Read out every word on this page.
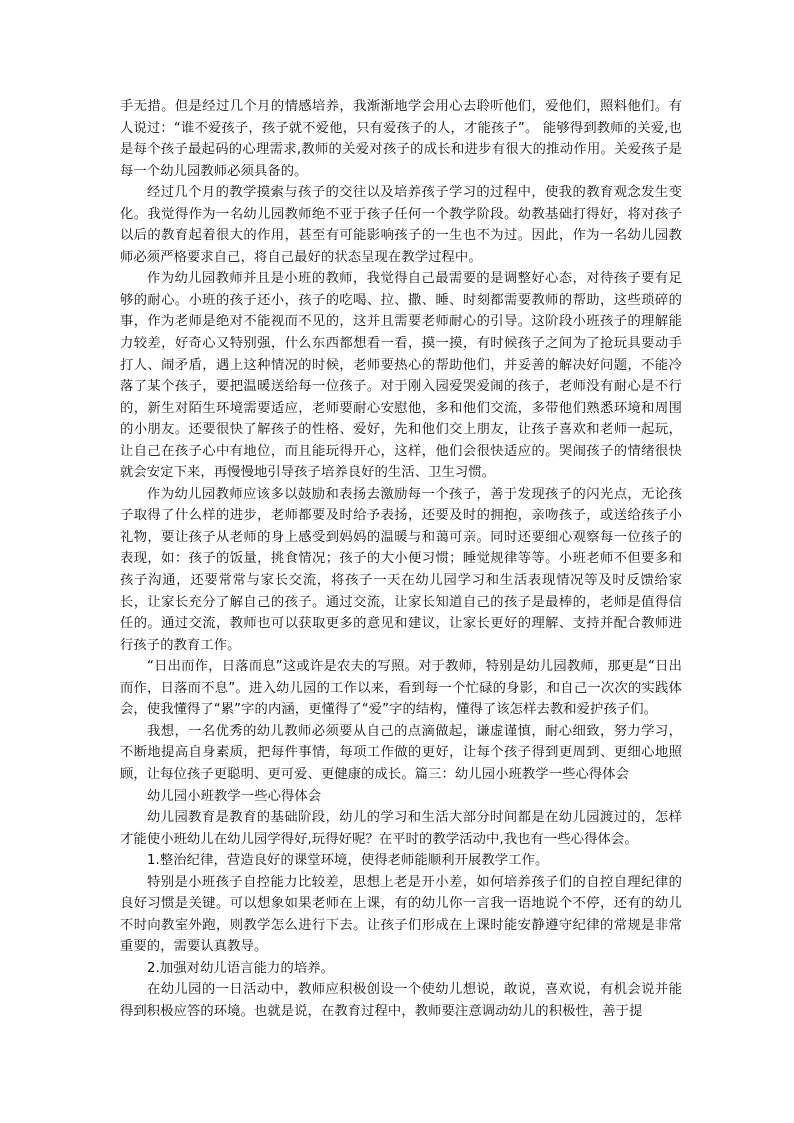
手无措。但是经过几个月的情感培养，我渐渐地学会用心去聆听他们，爱他们，照料他们。有人说过：“谁不爱孩子，孩子就不爱他，只有爱孩子的人，才能孩子”。 能够得到教师的关爱,也是每个孩子最起码的心理需求,教师的关爱对孩子的成长和进步有很大的推动作用。关爱孩子是每一个幼儿园教师必须具备的。

经过几个月的教学摸索与孩子的交往以及培养孩子学习的过程中，使我的教育观念发生变化。我觉得作为一名幼儿园教师绝不亚于孩子任何一个教学阶段。幼教基础打得好，将对孩子以后的教育起着很大的作用，甚至有可能影响孩子的一生也不为过。因此，作为一名幼儿园教师必须严格要求自己，将自己最好的状态呈现在教学过程中。

作为幼儿园教师并且是小班的教师，我觉得自己最需要的是调整好心态，对待孩子要有足够的耐心。小班的孩子还小，孩子的吃喝、拉、撒、睡、时刻都需要教师的帮助，这些琐碎的事，作为老师是绝对不能视而不见的，这并且需要老师耐心的引导。这阶段小班孩子的理解能力较差，好奇心又特别强，什么东西都想看一看，摸一摸，有时候孩子之间为了抢玩具要动手打人、闹矛盾，遇上这种情况的时候，老师要热心的帮助他们，并妥善的解决好问题，不能冷落了某个孩子，要把温暖送给每一位孩子。对于刚入园爱哭爱闹的孩子，老师没有耐心是不行的，新生对陌生环境需要适应，老师要耐心安慰他，多和他们交流，多带他们熟悉环境和周围的小朋友。还要很快了解孩子的性格、爱好，先和他们交上朋友，让孩子喜欢和老师一起玩，让自己在孩子心中有地位，而且能玩得开心，这样，他们会很快适应的。哭闹孩子的情绪很快就会安定下来，再慢慢地引导孩子培养良好的生活、卫生习惯。

作为幼儿园教师应该多以鼓励和表扬去激励每一个孩子，善于发现孩子的闪光点，无论孩子取得了什么样的进步，老师都要及时给予表扬，还要及时的拥抱，亲吻孩子，或送给孩子小礼物，要让孩子从老师的身上感受到妈妈的温暖与和蔼可亲。同时还要细心观察每一位孩子的表现，如：孩子的饭量，挑食情况；孩子的大小便习惯；睡觉规律等等。小班老师不但要多和孩子沟通，还要常常与家长交流，将孩子一天在幼儿园学习和生活表现情况等及时反馈给家长，让家长充分了解自己的孩子。通过交流，让家长知道自己的孩子是最棒的，老师是值得信任的。通过交流，教师也可以获取更多的意见和建议，让家长更好的理解、支持并配合教师进行孩子的教育工作。

“日出而作，日落而息”这或许是农夫的写照。对于教师，特别是幼儿园教师，那更是“日出而作，日落而不息”。进入幼儿园的工作以来，看到每一个忙碌的身影，和自己一次次的实践体会，使我懂得了“累”字的内涵，更懂得了“爱”字的结构，懂得了该怎样去教和爱护孩子们。

我想，一名优秀的幼儿教师必须要从自己的点滴做起，谦虚谨慎，耐心细致，努力学习，不断地提高自身素质，把每件事情，每项工作做的更好，让每个孩子得到更周到、更细心地照顾，让每位孩子更聪明、更可爱、更健康的成长。篇三：幼儿园小班教学一些心得体会

幼儿园小班教学一些心得体会

幼儿园教育是教育的基础阶段，幼儿的学习和生活大部分时间都是在幼儿园渡过的，怎样才能使小班幼儿在幼儿园学得好,玩得好呢？在平时的教学活动中,我也有一些心得体会。

1.整治纪律，营造良好的课堂环境，使得老师能顺利开展教学工作。

特别是小班孩子自控能力比较差，思想上老是开小差，如何培养孩子们的自控自理纪律的良好习惯是关键。可以想象如果老师在上课，有的幼儿你一言我一语地说个不停，还有的幼儿不时向教室外跑，则教学怎么进行下去。让孩子们形成在上课时能安静遵守纪律的常规是非常重要的，需要认真教导。

2.加强对幼儿语言能力的培养。

在幼儿园的一日活动中，教师应积极创设一个使幼儿想说，敢说，喜欢说，有机会说并能得到积极应答的环境。也就是说，在教育过程中，教师要注意调动幼儿的积极性，善于提
